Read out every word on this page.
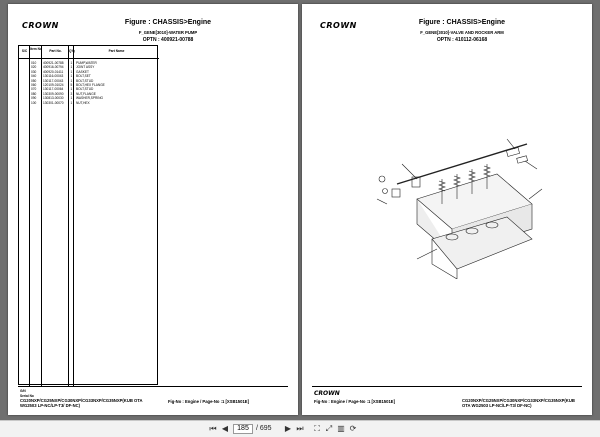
CROWN	Figure : CHASSIS>Engine
F_GENE[3010]-WATER PUMP
OPTN : 400921-00788
S/C Item No	Part No.	Q'ty	Part Name
010 400921-00788 1 PUMP,WATER
020 400916-00794 1 JOINT ASSY
030 400920-01411 1 GASKET
040 130116-00043 1 BOLT,SET
050 130117-00043 1 BOLT,STUD
060 120109-01024 5 BOLT,HEX FLANGE
070 130117-00064 1 BOLT,STUD
080 130309-00090 3 NUT,FLANGE
090 130813-00030 1 WASHER,SPRING
100 130301-00070 1 NUT,HEX
G/N
Serial No
CG20NXP/CG25NXP/CG30NXP/CG33NXP/CG35NXP(KUB OTA WG2503 LP-NC/LP-T3/ DF-NC)
Fig-No : Engine / Page-No :1 [XSB1501E]
CROWN	Figure : CHASSIS>Engine
F_GENE[3010]-VALVE AND ROCKER ARM
OPTN : 410112-06168
CROWN
Fig-No : Engine / Page-No :1 [XSB1501E]	CG20NXP/CG25NXP/CG30NXP/CG33NXP/CG35NXP(KUB OTA WG2503 LP-NC/LP-T3/ DF-NC)
⏮ ◀	185	/ 695 ▶ ⏭ ⛶ ⤢ ▥ ⟳
